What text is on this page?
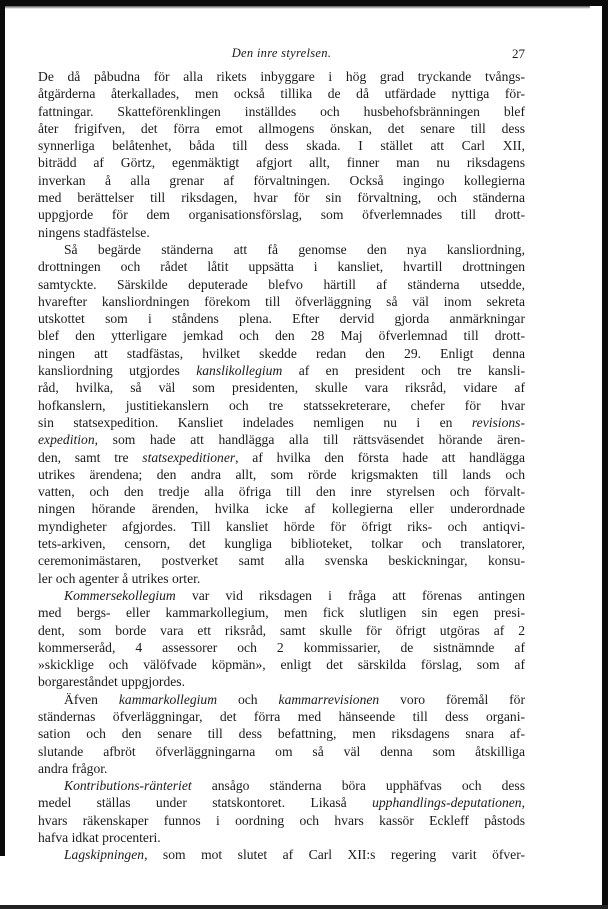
Den inre styrelsen.	27
De då påbudna för alla rikets inbyggare i hög grad tryckande tvångs-
åtgärderna återkallades, men också tillika de då utfärdade nyttiga för-
fattningar. Skatteförenklingen inställdes och husbehofsbränningen blef
åter frigifven, det förra emot allmogens önskan, det senare till dess
synnerliga belåtenhet, båda till dess skada. I stället att Carl XII,
biträdd af Görtz, egenmäktigt afgjort allt, finner man nu riksdagens
inverkan å alla grenar af förvaltningen. Också ingingo kollegierna
med berättelser till riksdagen, hvar för sin förvaltning, och ständerna
uppgjorde för dem organisationsförslag, som öfverlemnades till drott-
ningens stadfästelse.
Så begärde ständerna att få genomse den nya kansliordning,
drottningen och rådet låtit uppsätta i kansliet, hvartill drottningen
samtyckte. Särskilde deputerade blefvo härtill af ständerna utsedde,
hvarefter kansliordningen förekom till öfverläggning så väl inom sekreta
utskottet som i ståndens plena. Efter dervid gjorda anmärkningar
blef den ytterligare jemkad och den 28 Maj öfverlemnad till drott-
ningen att stadfästas, hvilket skedde redan den 29. Enligt denna
kansliordning utgjordes kanslikollegium af en president och tre kansli-
råd, hvilka, så väl som presidenten, skulle vara riksråd, vidare af
hofkanslern, justitiekanslern och tre statssekreterare, chefer för hvar
sin statsexpedition. Kansliet indelades nemligen nu i en revisions-
expedition, som hade att handlägga alla till rättsväsendet hörande ären-
den, samt tre statsexpeditioner, af hvilka den första hade att handlägga
utrikes ärendena; den andra allt, som rörde krigsmakten till lands och
vatten, och den tredje alla öfriga till den inre styrelsen och förvalt-
ningen hörande ärenden, hvilka icke af kollegierna eller underordnade
myndigheter afgjordes. Till kansliet hörde för öfrigt riks- och antiqvi-
tets-arkiven, censorn, det kungliga biblioteket, tolkar och translatorer,
ceremonimästaren, postverket samt alla svenska beskickningar, konsu-
ler och agenter å utrikes orter.
Kommersekollegium var vid riksdagen i fråga att förenas antingen
med bergs- eller kammarkollegium, men fick slutligen sin egen presi-
dent, som borde vara ett riksråd, samt skulle för öfrigt utgöras af 2
kommerseråd, 4 assessorer och 2 kommissarier, de sistnämnde af
»skicklige och välöfvade köpmän», enligt det särskilda förslag, som af
borgareståndet uppgjordes.
Äfven kammarkollegium och kammarrevisionen voro föremål för
ständernas öfverläggningar, det förra med hänseende till dess organi-
sation och den senare till dess befattning, men riksdagens snara af-
slutande afbröt öfverläggningarna om så väl denna som åtskilliga
andra frågor.
Kontributions-ränteriet ansågo ständerna böra upphäfvas och dess
medel ställas under statskontoret. Likaså upphandlings-deputationen,
hvars räkenskaper funnos i oordning och hvars kassör Eckleff påstods
hafva idkat procenteri.
Lagskipningen, som mot slutet af Carl XII:s regering varit öfver-
